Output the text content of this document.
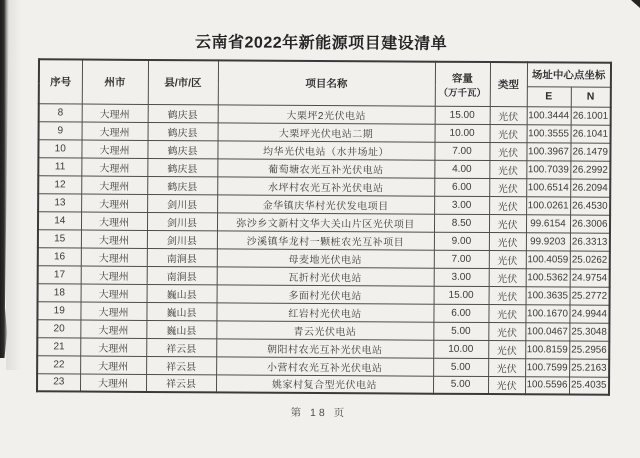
云南省2022年新能源项目建设清单
序号	州市	县/市/区	项目名称	容量
（万千瓦）	类型	场址中心点坐标	
						E	N
8	大理州	鹤庆县	大栗坪2光伏电站	15.00	光伏	100.3444	26.1001
9	大理州	鹤庆县	大栗坪光伏电站二期	10.00	光伏	100.3555	26.1041
10	大理州	鹤庆县	均华光伏电站（水井场址）	7.00	光伏	100.3967	26.1479
11	大理州	鹤庆县	葡萄塘农光互补光伏电站	4.00	光伏	100.7039	26.2992
12	大理州	鹤庆县	水坪村农光互补光伏电站	6.00	光伏	100.6514	26.2094
13	大理州	剑川县	金华镇庆华村光伏发电项目	3.00	光伏	100.0261	26.4530
14	大理州	剑川县	弥沙乡文新村文华大关山片区光伏项目	8.50	光伏	99.6154	26.3006
15	大理州	剑川县	沙溪镇华龙村一颗桩农光互补项目	9.00	光伏	99.9203	26.3313
16	大理州	南涧县	母麦地光伏电站	7.00	光伏	100.4059	25.0262
17	大理州	南涧县	瓦折村光伏电站	3.00	光伏	100.5362	24.9754
18	大理州	巍山县	多面村光伏电站	15.00	光伏	100.3635	25.2772
19	大理州	巍山县	红岩村光伏电站	6.00	光伏	100.1670	24.9944
20	大理州	巍山县	青云光伏电站	5.00	光伏	100.0467	25.3048
21	大理州	祥云县	朝阳村农光互补光伏电站	10.00	光伏	100.8159	25.2956
22	大理州	祥云县	小营村农光互补光伏电站	5.00	光伏	100.7599	25.2163
23	大理州	祥云县	姚家村复合型光伏电站	5.00	光伏	100.5596	25.4035
第 18 页
